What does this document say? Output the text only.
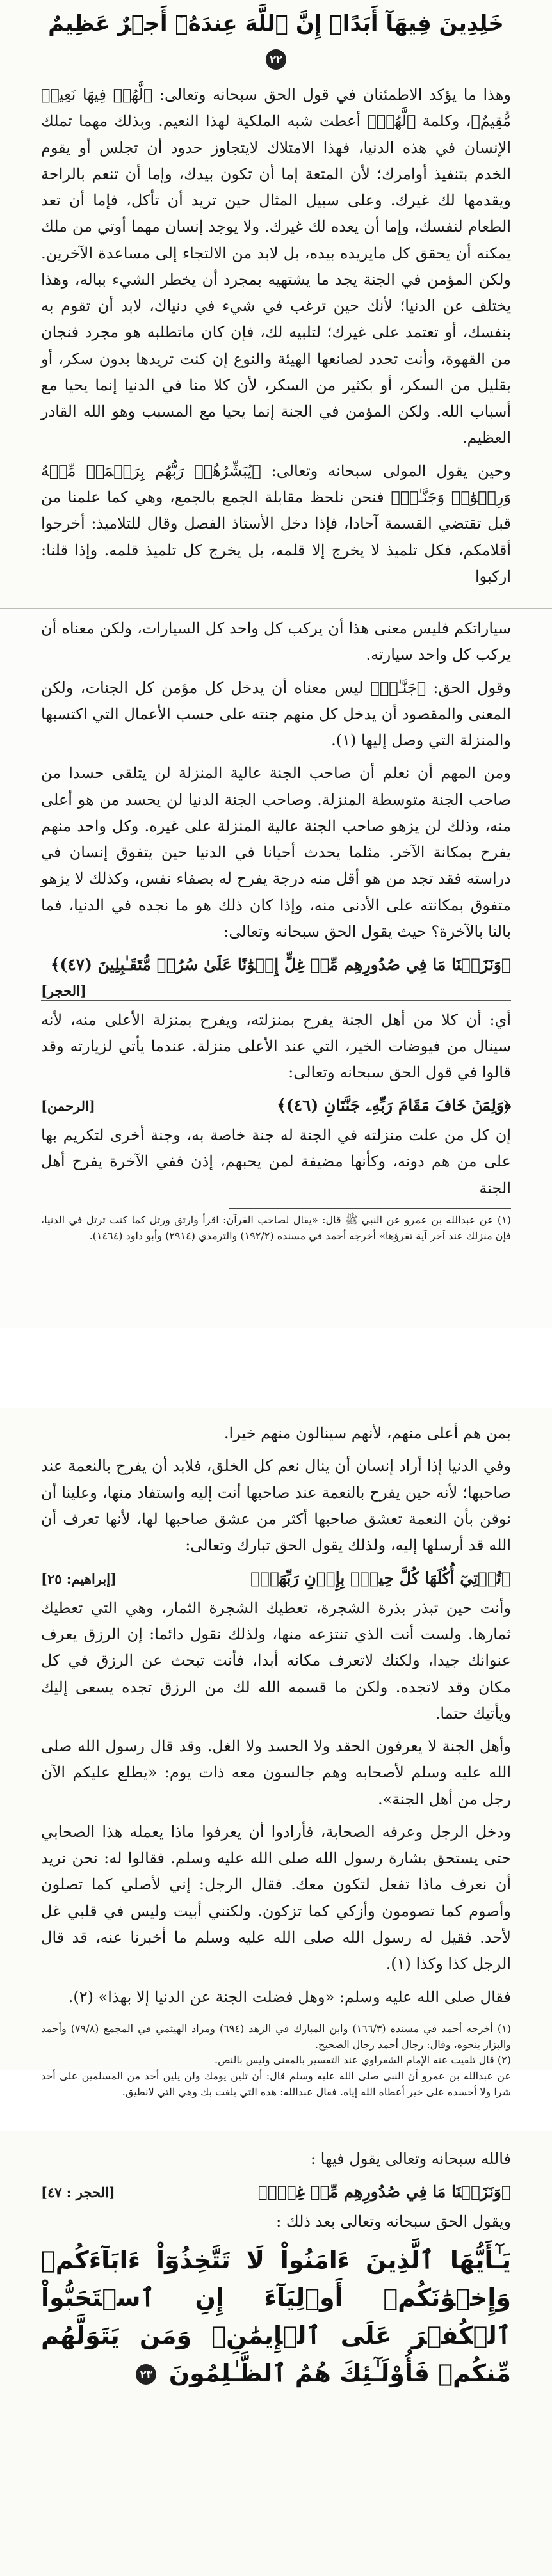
خَلِدِينَ فِيهَآ أَبَدًاۚ إِنَّ ٱللَّهَ عِندَهُۥٓ أَجۡرٌ عَظِيمٌ ٢٢

وهذا ما يؤكد الاطمئنان في قول الحق سبحانه وتعالى: ﴿لَّهُمۡ فِيهَا نَعِيمٞ مُّقِيمٌ﴾، وكلمة ﴿لَّهُمۡ﴾ أعطت شبه الملكية لهذا النعيم. وبذلك مهما تملك الإنسان في هذه الدنيا، فهذا الامتلاك لايتجاوز حدود أن تجلس أو يقوم الخدم بتنفيذ أوامرك؛ لأن المتعة إما أن تكون بيدك، وإما أن تنعم بالراحة ويقدمها لك غيرك. وعلى سبيل المثال حين تريد أن تأكل، فإما أن تعد الطعام لنفسك، وإما أن يعده لك غيرك. ولا يوجد إنسان مهما أوتي من ملك يمكنه أن يحقق كل مايريده بيده، بل لابد من الالتجاء إلى مساعدة الآخرين. ولكن المؤمن في الجنة يجد ما يشتهيه بمجرد أن يخطر الشيء بباله، وهذا يختلف عن الدنيا؛ لأنك حين ترغب في شيء في دنياك، لابد أن تقوم به بنفسك، أو تعتمد على غيرك؛ لتلبيه لك، فإن كان ماتطلبه هو مجرد فنجان من القهوة، وأنت تحدد لصانعها الهيئة والنوع إن كنت تريدها بدون سكر، أو بقليل من السكر، أو بكثير من السكر، لأن كلا منا في الدنيا إنما يحيا مع أسباب الله. ولكن المؤمن في الجنة إنما يحيا مع المسبب وهو الله القادر العظيم.

وحين يقول المولى سبحانه وتعالى: ﴿يُبَشِّرُهُمۡ رَبُّهُم بِرَحۡمَةٖ مِّنۡهُ وَرِضۡوَٰنٖ وَجَنَّـٰتٖ﴾ فنحن نلحظ مقابلة الجمع بالجمع، وهي كما علمنا من قبل تقتضي القسمة آحادا، فإذا دخل الأستاذ الفصل وقال للتلاميذ: أخرجوا أقلامكم، فكل تلميذ لا يخرج إلا قلمه، بل يخرج كل تلميذ قلمه. وإذا قلنا: اركبوا

سياراتكم فليس معنى هذا أن يركب كل واحد كل السيارات، ولكن معناه أن يركب كل واحد سيارته.

وقول الحق: ﴿جَنَّـٰتٖ﴾ ليس معناه أن يدخل كل مؤمن كل الجنات، ولكن المعنى والمقصود أن يدخل كل منهم جنته على حسب الأعمال التي اكتسبها والمنزلة التي وصل إليها (١).

ومن المهم أن نعلم أن صاحب الجنة عالية المنزلة لن يتلقى حسدا من صاحب الجنة متوسطة المنزلة. وصاحب الجنة الدنيا لن يحسد من هو أعلى منه، وذلك لن يزهو صاحب الجنة عالية المنزلة على غيره. وكل واحد منهم يفرح بمكانة الآخر. مثلما يحدث أحيانا في الدنيا حين يتفوق إنسان في دراسته فقد تجد من هو أقل منه درجة يفرح له بصفاء نفس، وكذلك لا يزهو متفوق بمكانته على الأدنى منه، وإذا كان ذلك هو ما نجده في الدنيا، فما بالنا بالآخرة؟ حيث يقول الحق سبحانه وتعالى:

﴿وَنَزَعۡنَا مَا فِي صُدُورِهِم مِّنۡ غِلٍّ إِخۡوَٰنًا عَلَىٰ سُرُرٖ مُّتَقَـٰبِلِينَ (٤٧)﴾
[الحجر]

أي: أن كلا من أهل الجنة يفرح بمنزلته، ويفرح بمنزلة الأعلى منه، لأنه سينال من فيوضات الخير، التي عند الأعلى منزلة. عندما يأتي لزيارته وقد قالوا في قول الحق سبحانه وتعالى:

﴿وَلِمَنۡ خَافَ مَقَامَ رَبِّهِۦ جَنَّتَانِ (٤٦)﴾
[الرحمن]

إن كل من علت منزلته في الجنة له جنة خاصة به، وجنة أخرى لتكريم بها على من هم دونه، وكأنها مضيفة لمن يحبهم، إذن ففي الآخرة يفرح أهل الجنة

(١) عن عبدالله بن عمرو عن النبي ﷺ قال: «يقال لصاحب القرآن: اقرأ وارتق ورتل كما كنت ترتل في الدنيا، فإن منزلك عند آخر آية تقرؤها» أخرجه أحمد في مسنده (١٩٢/٢) والترمذي (٢٩١٤) وأبو داود (١٤٦٤).

بمن هم أعلى منهم، لأنهم سينالون منهم خيرا.

وفي الدنيا إذا أراد إنسان أن ينال نعم كل الخلق، فلابد أن يفرح بالنعمة عند صاحبها؛ لأنه حين يفرح بالنعمة عند صاحبها أنت إليه واستفاد منها، وعلينا أن نوقن بأن النعمة تعشق صاحبها أكثر من عشق صاحبها لها، لأنها تعرف أن الله قد أرسلها إليه، ولذلك يقول الحق تبارك وتعالى:

﴿تُؤۡتِيٓ أُكُلَهَا كُلَّ حِينِۭ بِإِذۡنِ رَبِّهَاۗ﴾
[إبراهيم: ٢٥]

وأنت حين تبذر بذرة الشجرة، تعطيك الشجرة الثمار، وهي التي تعطيك ثمارها. ولست أنت الذي تنتزعه منها، ولذلك نقول دائما: إن الرزق يعرف عنوانك جيدا، ولكنك لاتعرف مكانه أبدا، فأنت تبحث عن الرزق في كل مكان وقد لاتجده. ولكن ما قسمه الله لك من الرزق تجده يسعى إليك ويأتيك حتما.

وأهل الجنة لا يعرفون الحقد ولا الحسد ولا الغل. وقد قال رسول الله صلى الله عليه وسلم لأصحابه وهم جالسون معه ذات يوم: «يطلع عليكم الآن رجل من أهل الجنة».

ودخل الرجل وعرفه الصحابة، فأرادوا أن يعرفوا ماذا يعمله هذا الصحابي حتى يستحق بشارة رسول الله صلى الله عليه وسلم. فقالوا له: نحن نريد أن نعرف ماذا تفعل لتكون معك. فقال الرجل: إني لأصلي كما تصلون وأصوم كما تصومون وأزكي كما تزكون. ولكنني أبيت وليس في قلبي غل لأحد. فقيل له رسول الله صلى الله عليه وسلم ما أخبرنا عنه، قد قال الرجل كذا وكذا (١).

فقال صلى الله عليه وسلم: «وهل فضلت الجنة عن الدنيا إلا بهذا» (٢).

(١) أخرجه أحمد في مسنده (١٦٦/٣) وابن المبارك في الزهد (٦٩٤) ومراد الهيثمي في المجمع (٧٩/٨) وأحمد والبزار بنحوه، وقال: رجال أحمد رجال الصحيح.

(٢) قال تلقيت عنه الإمام الشعراوي عند التفسير بالمعنى وليس بالنص.

عن عبدالله بن عمرو أن النبي صلى الله عليه وسلم قال: أن تلين يومك ولن يلين أحد من المسلمين على أحد شرا ولا أحسده على خير أعطاه الله إياه. فقال عبدالله: هذه التي بلغت بك وهي التي لانطيق.

فالله سبحانه وتعالى يقول فيها :

﴿وَنَزَعۡنَا مَا فِي صُدُورِهِم مِّنۡ غِلّٖ﴾
[الحجر : ٤٧]

ويقول الحق سبحانه وتعالى بعد ذلك :

يَـٰٓأَيُّهَا ٱلَّذِينَ ءَامَنُواْ لَا تَتَّخِذُوٓاْ ءَابَآءَكُمۡ وَإِخۡوَٰنَكُمۡ أَوۡلِيَآءَ إِنِ ٱسۡتَحَبُّواْ ٱلۡكُفۡرَ عَلَى ٱلۡإِيمَٰنِۚ وَمَن يَتَوَلَّهُم مِّنكُمۡ فَأُوْلَـٰٓئِكَ هُمُ ٱلظَّـٰلِمُونَ ٢٣
